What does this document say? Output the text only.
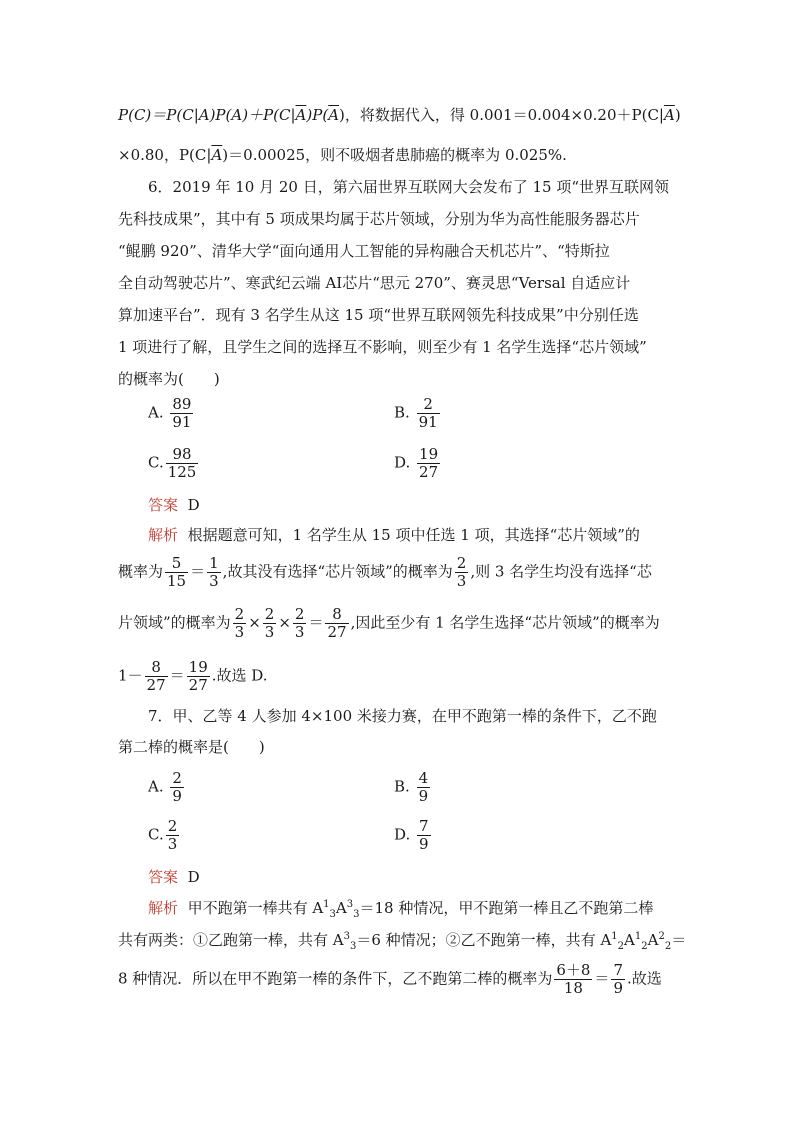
$P(C)=P(C|A)P(A)+P(C|\overline{A})P(\overline{A})$，将数据代入，得 $0.001=0.004\times 0.20+P(C|\overline{A})$
×0.80，$P(C|\overline{A})=0.00025$，则不吸烟者患肺癌的概率为 0.025%.
6．2019 年 10 月 20 日，第六届世界互联网大会发布了 15 项“世界互联网领
先科技成果”，其中有 5 项成果均属于芯片领域，分别为华为高性能服务器芯片
“鲲鹏 920”、清华大学“面向通用人工智能的异构融合天机芯片”、“特斯拉
全自动驾驶芯片”、寒武纪云端 AI芯片“思元 270”、赛灵思“Versal 自适应计
算加速平台”．现有 3 名学生从这 15 项“世界互联网领先科技成果”中分别任选
1 项进行了解，且学生之间的选择互不影响，则至少有 1 名学生选择“芯片领域”
的概率为(　　)
A. $\frac{89}{91}$	B. $\frac{2}{91}$
C. $\frac{98}{125}$	D. $\frac{19}{27}$
答案 D
解析 根据题意可知，1 名学生从 15 项中任选 1 项，其选择“芯片领域”的
概率为 $\frac{5}{15} = \frac{1}{3}$ ,故其没有选择“芯片领域”的概率为 $\frac{2}{3}$ ,则 3 名学生均没有选择“芯
片领域”的概率为 $\frac{2}{3} \times \frac{2}{3} \times \frac{2}{3} = \frac{8}{27}$ ,因此至少有 1 名学生选择“芯片领域”的概率为
$1- \frac{8}{27} = \frac{19}{27}$ .故选 D.
7．甲、乙等 4 人参加 4×100 米接力赛，在甲不跑第一棒的条件下，乙不跑
第二棒的概率是(　　)
A. $\frac{2}{9}$	B. $\frac{4}{9}$
C. $\frac{2}{3}$	D. $\frac{7}{9}$
答案 D
解析 甲不跑第一棒共有 $A^1_3A^3_3=18$ 种情况，甲不跑第一棒且乙不跑第二棒
共有两类：①乙跑第一棒，共有 $A^3_3=6$ 种情况；②乙不跑第一棒，共有 $A^1_2A^1_2A^2_2=$
8 种情况．所以在甲不跑第一棒的条件下，乙不跑第二棒的概率为 $\frac{6+8}{18} = \frac{7}{9}$ .故选
